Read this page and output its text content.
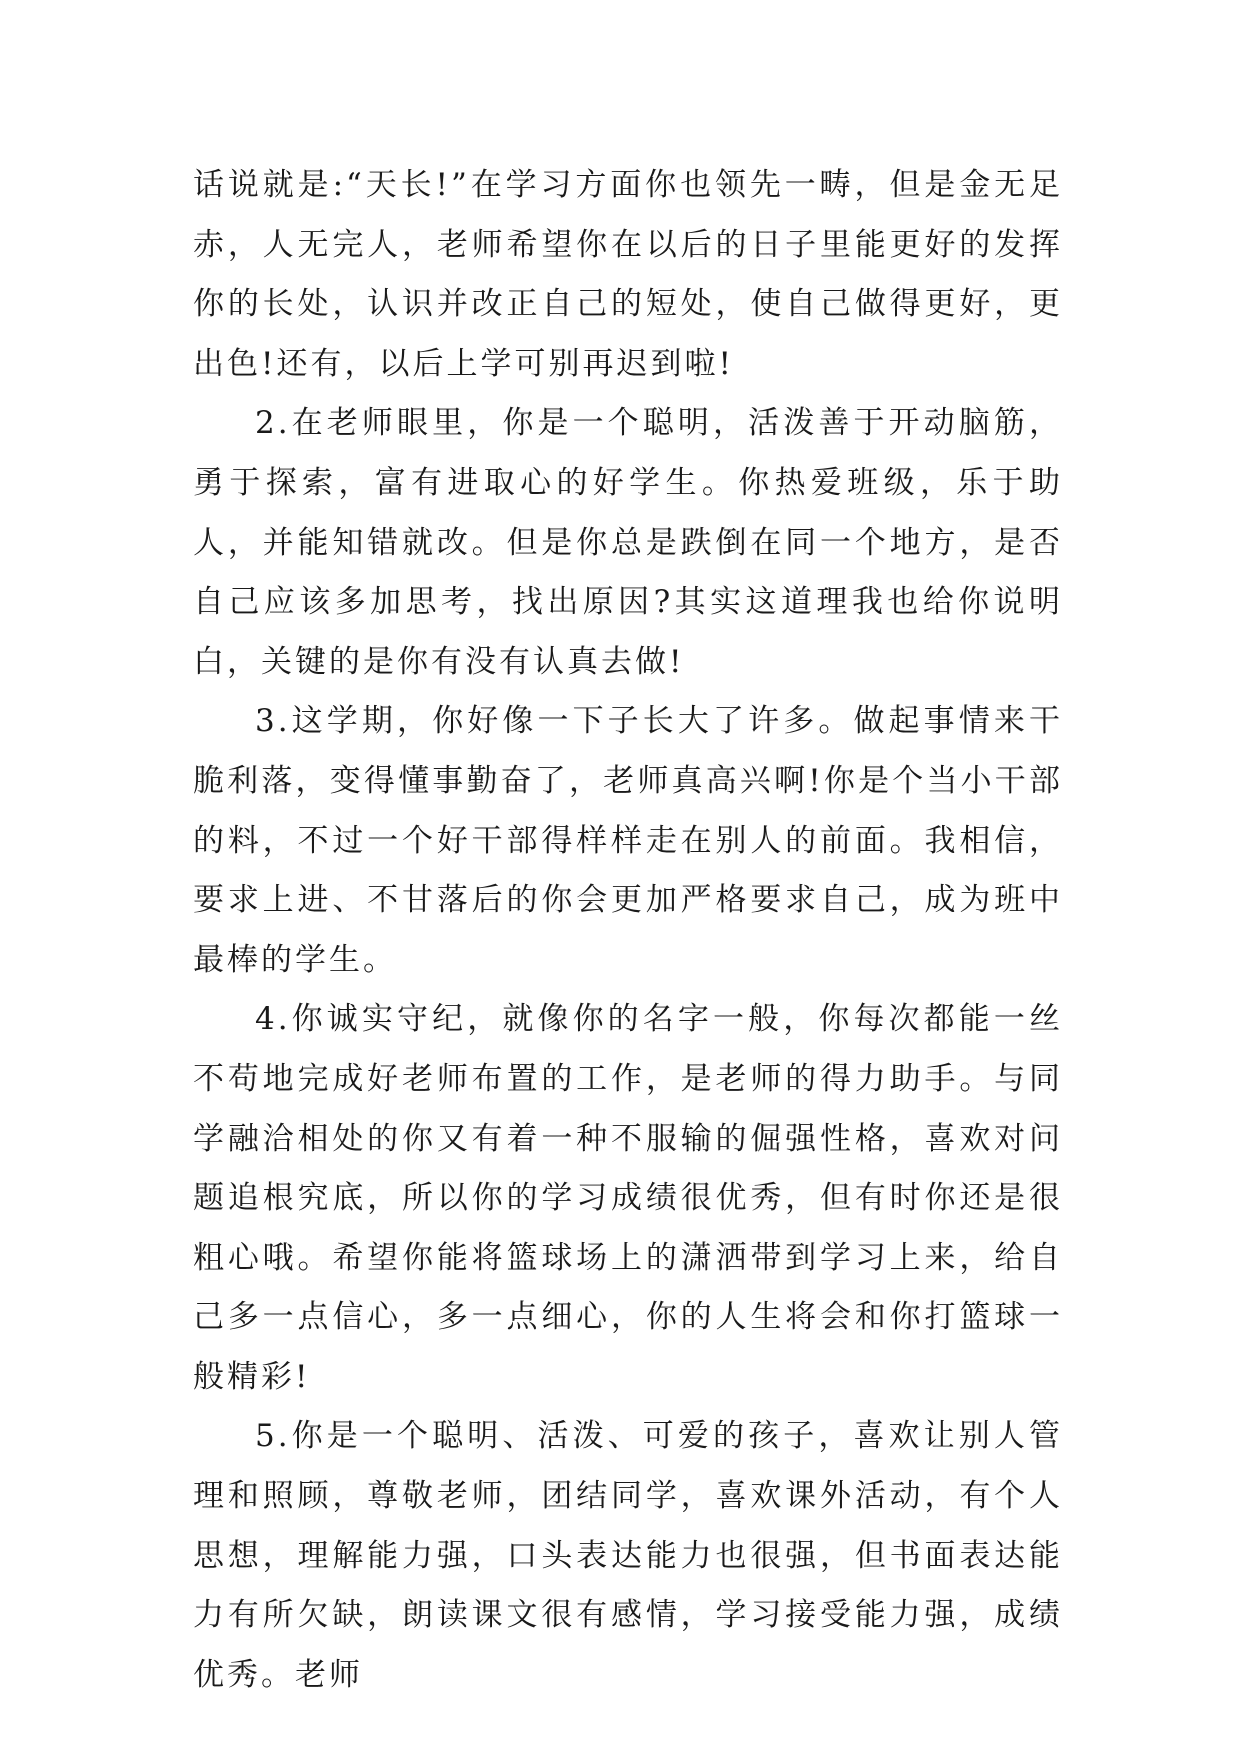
话说就是:“天长!”在学习方面你也领先一畴，但是金无足赤，人无完人，老师希望你在以后的日子里能更好的发挥你的长处，认识并改正自己的短处，使自己做得更好，更出色!还有，以后上学可别再迟到啦!

2.在老师眼里，你是一个聪明，活泼善于开动脑筋，勇于探索，富有进取心的好学生。你热爱班级，乐于助人，并能知错就改。但是你总是跌倒在同一个地方，是否自己应该多加思考，找出原因?其实这道理我也给你说明白，关键的是你有没有认真去做!

3.这学期，你好像一下子长大了许多。做起事情来干脆利落，变得懂事勤奋了，老师真高兴啊!你是个当小干部的料，不过一个好干部得样样走在别人的前面。我相信，要求上进、不甘落后的你会更加严格要求自己，成为班中最棒的学生。

4.你诚实守纪，就像你的名字一般，你每次都能一丝不苟地完成好老师布置的工作，是老师的得力助手。与同学融洽相处的你又有着一种不服输的倔强性格，喜欢对问题追根究底，所以你的学习成绩很优秀，但有时你还是很粗心哦。希望你能将篮球场上的潇洒带到学习上来，给自己多一点信心，多一点细心，你的人生将会和你打篮球一般精彩!

5.你是一个聪明、活泼、可爱的孩子，喜欢让别人管理和照顾，尊敬老师，团结同学，喜欢课外活动，有个人思想，理解能力强，口头表达能力也很强，但书面表达能力有所欠缺，朗读课文很有感情，学习接受能力强，成绩优秀。老师
